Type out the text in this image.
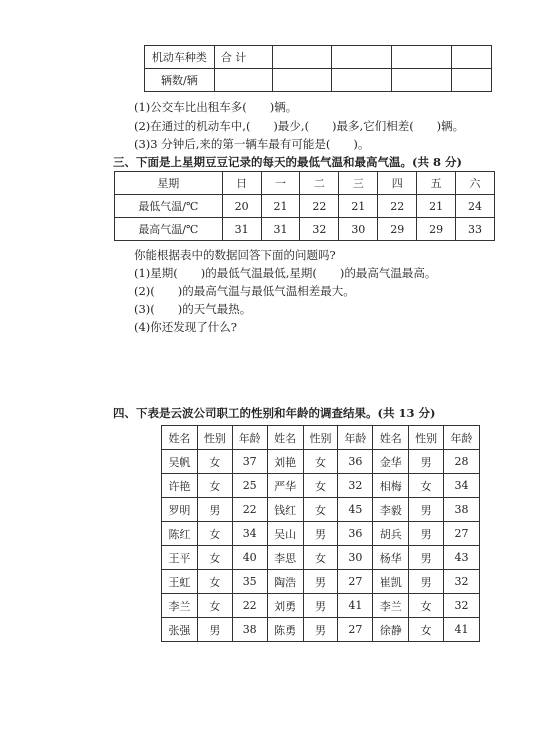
机动车种类	合 计				
辆数/辆					
(1)公交车比出租车多(　　)辆。
(2)在通过的机动车中,(　　)最少,(　　)最多,它们相差(　　)辆。
(3)3 分钟后,来的第一辆车最有可能是(　　)。
三、下面是上星期豆豆记录的每天的最低气温和最高气温。(共 8 分)
星期	日	一	二	三	四	五	六
最低气温/℃	20	21	22	21	22	21	24
最高气温/℃	31	31	32	30	29	29	33
你能根据表中的数据回答下面的问题吗?
(1)星期(　　)的最低气温最低,星期(　　)的最高气温最高。
(2)(　　)的最高气温与最低气温相差最大。
(3)(　　)的天气最热。
(4)你还发现了什么?
四、下表是云波公司职工的性别和年龄的调查结果。(共 13 分)
姓名	性别	年龄	姓名	性别	年龄	姓名	性别	年龄
吴帆	女	37	刘艳	女	36	金华	男	28
许艳	女	25	严华	女	32	相梅	女	34
罗明	男	22	钱红	女	45	李毅	男	38
陈红	女	34	吴山	男	36	胡兵	男	27
王平	女	40	李思	女	30	杨华	男	43
王虹	女	35	陶浩	男	27	崔凯	男	32
李兰	女	22	刘勇	男	41	李兰	女	32
张强	男	38	陈勇	男	27	徐静	女	41
